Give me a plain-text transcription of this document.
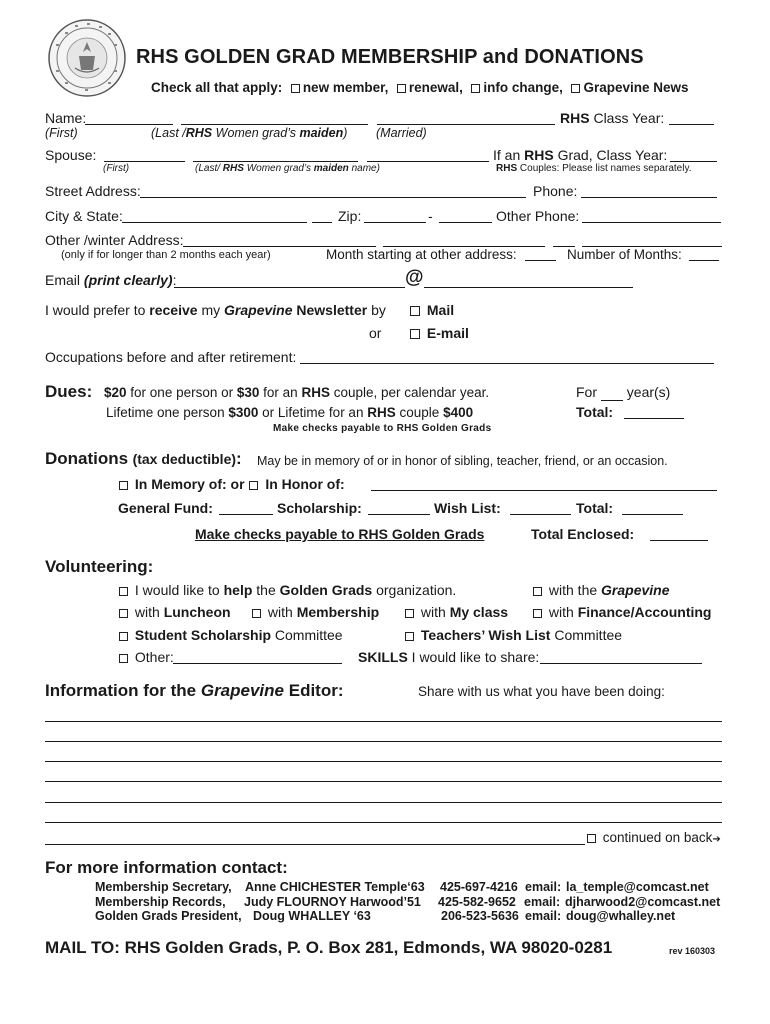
RHS GOLDEN GRAD MEMBERSHIP and DONATIONS
Check all that apply: new member, renewal, info change, Grapevine News
Name:	RHS Class Year:
(First)	(Last /RHS Women grad’s maiden) (Married)
Spouse:	If an RHS Grad, Class Year:
(First)	(Last/ RHS Women grad’s maiden name)	RHS Couples: Please list names separately.
Street Address:	Phone:
City & State:	Zip:	-	Other Phone:
Other /winter Address:
(only if for longer than 2 months each year)	Month starting at other address:	Number of Months:
Email (print clearly):	@
I would prefer to receive my Grapevine Newsletter by	Mail
or	E-mail
Occupations before and after retirement:
Dues: $20 for one person or $30 for an RHS couple, per calendar year.	For year(s)
Lifetime one person $300 or Lifetime for an RHS couple $400	Total:
Make checks payable to RHS Golden Grads
Donations (tax deductible): May be in memory of or in honor of sibling, teacher, friend, or an occasion.
In Memory of: or In Honor of:
General Fund:	Scholarship:	Wish List:	Total:
Make checks payable to RHS Golden Grads	Total Enclosed:
Volunteering:
I would like to help the Golden Grads organization.	with the Grapevine
with Luncheon	with Membership	with My class	with Finance/Accounting
Student Scholarship Committee	Teachers’ Wish List Committee
Other:	SKILLS I would like to share:
Information for the Grapevine Editor:	Share with us what you have been doing:
continued on back➔
For more information contact:
Membership Secretary, Anne CHICHESTER Temple‘63 425-697-4216 email: la_temple@comcast.net
Membership Records, Judy FLOURNOY Harwood’51 425-582-9652 email: djharwood2@comcast.net
Golden Grads President, Doug WHALLEY ‘63	206-523-5636 email: doug@whalley.net
MAIL TO: RHS Golden Grads, P. O. Box 281, Edmonds, WA 98020-0281	rev 160303
